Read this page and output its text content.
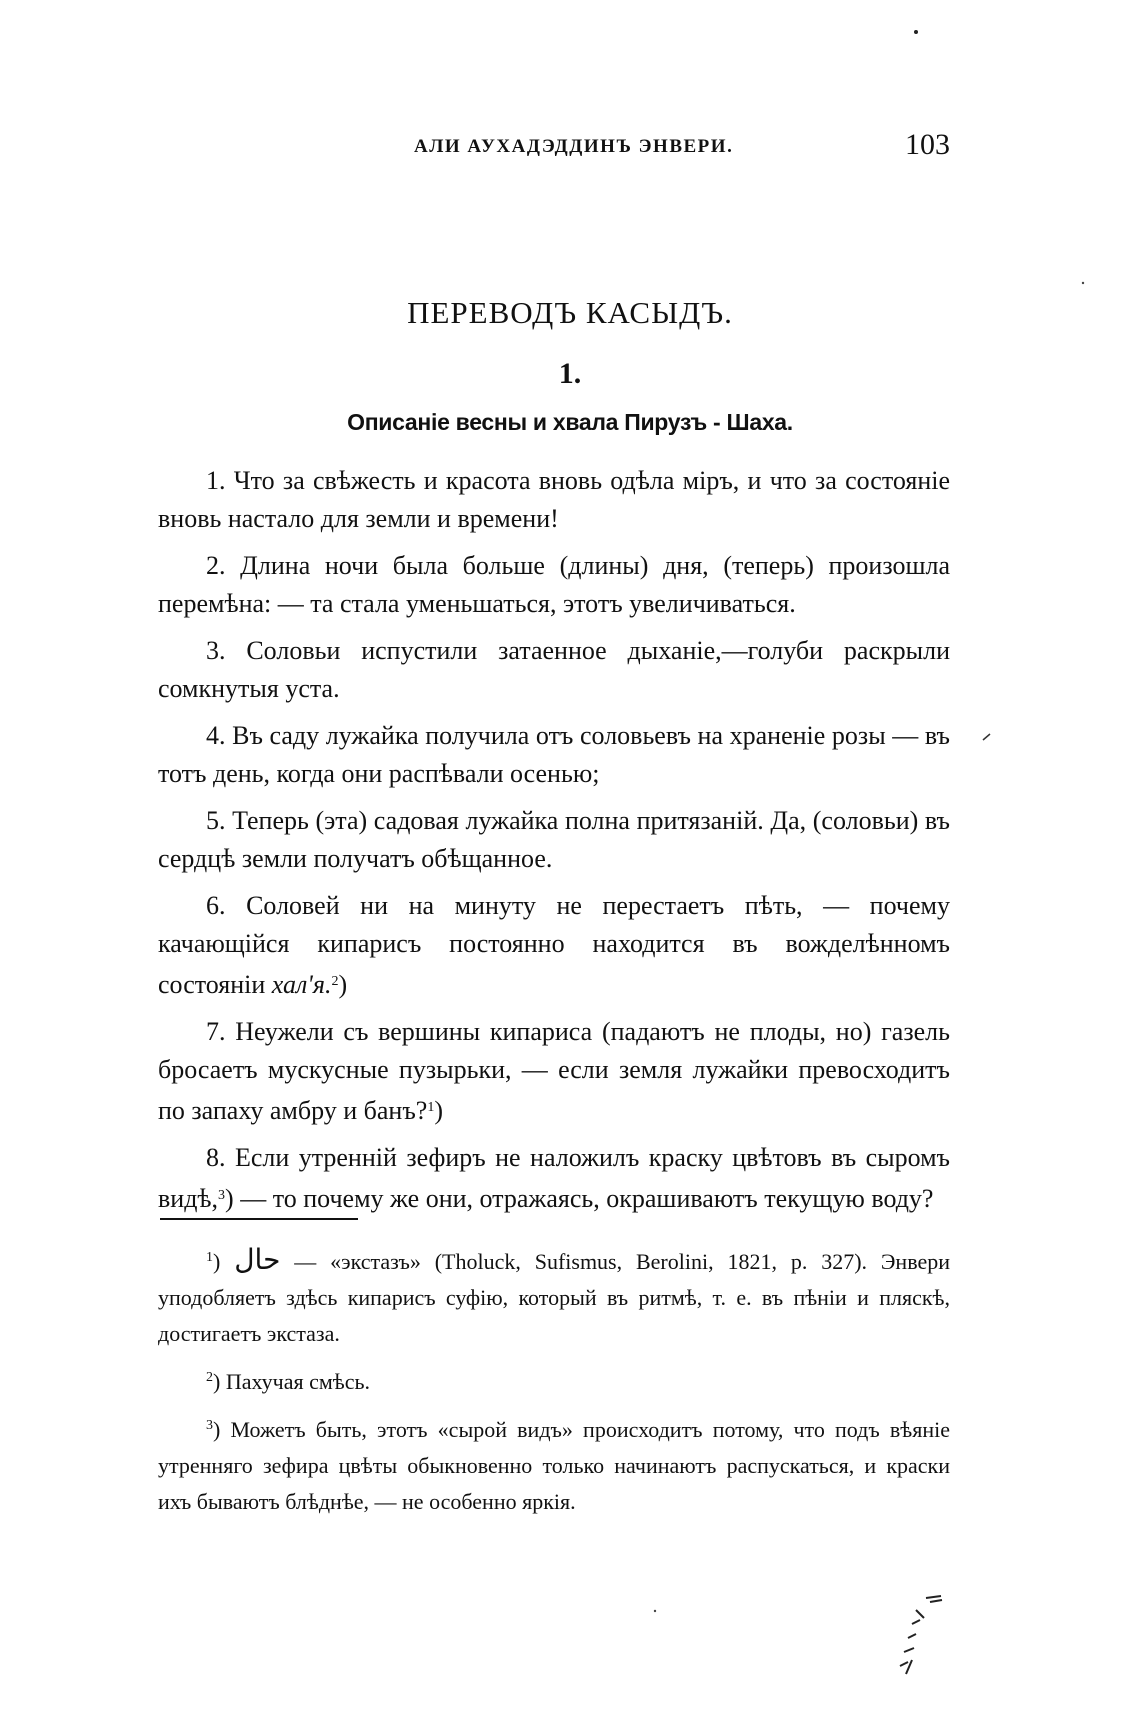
АЛИ АУХАДЭДДИНЪ ЭНВЕРИ.	103
ПЕРЕВОДЪ КАСЫДЪ.
1.
Описаніе весны и хвала Пирузъ - Шаха.

1. Что за свѣжесть и красота вновь одѣла міръ, и что за состояніе вновь настало для земли и времени!

2. Длина ночи была больше (длины) дня, (теперь) произошла перемѣна: — та стала уменьшаться, этотъ увеличиваться.

3. Соловьи испустили затаенное дыханіе,—голуби раскрыли сомкнутыя уста.

4. Въ саду лужайка получила отъ соловьевъ на храненіе розы — въ тотъ день, когда они распѣвали осенью;

5. Теперь (эта) садовая лужайка полна притязаній. Да, (соловьи) въ сердцѣ земли получатъ обѣщанное.

6. Соловей ни на минуту не перестаетъ пѣть, — почему качающійся кипарисъ постоянно находится въ вожделѣнномъ состояніи хал'я.$^2$)

7. Неужели съ вершины кипариса (падаютъ не плоды, но) газель бросаетъ мускусные пузырьки, — если земля лужайки превосходитъ по запаху амбру и банъ?$^1$)

8. Если утренній зефиръ не наложилъ краску цвѣтовъ въ сыромъ видѣ,$^3$) — то почему же они, отражаясь, окрашиваютъ текущую воду?

$^1$) حال — «экстазъ» (Tholuck, Sufismus, Berolini, 1821, p. 327). Энвери уподобляетъ здѣсь кипарисъ суфію, который въ ритмѣ, т. е. въ пѣніи и пляскѣ, достигаетъ экстаза.

$^2$) Пахучая смѣсь.

$^3$) Можетъ быть, этотъ «сырой видъ» происходитъ потому, что подъ вѣяніе утренняго зефира цвѣты обыкновенно только начинаютъ распускаться, и краски ихъ бываютъ блѣднѣе, — не особенно яркія.
